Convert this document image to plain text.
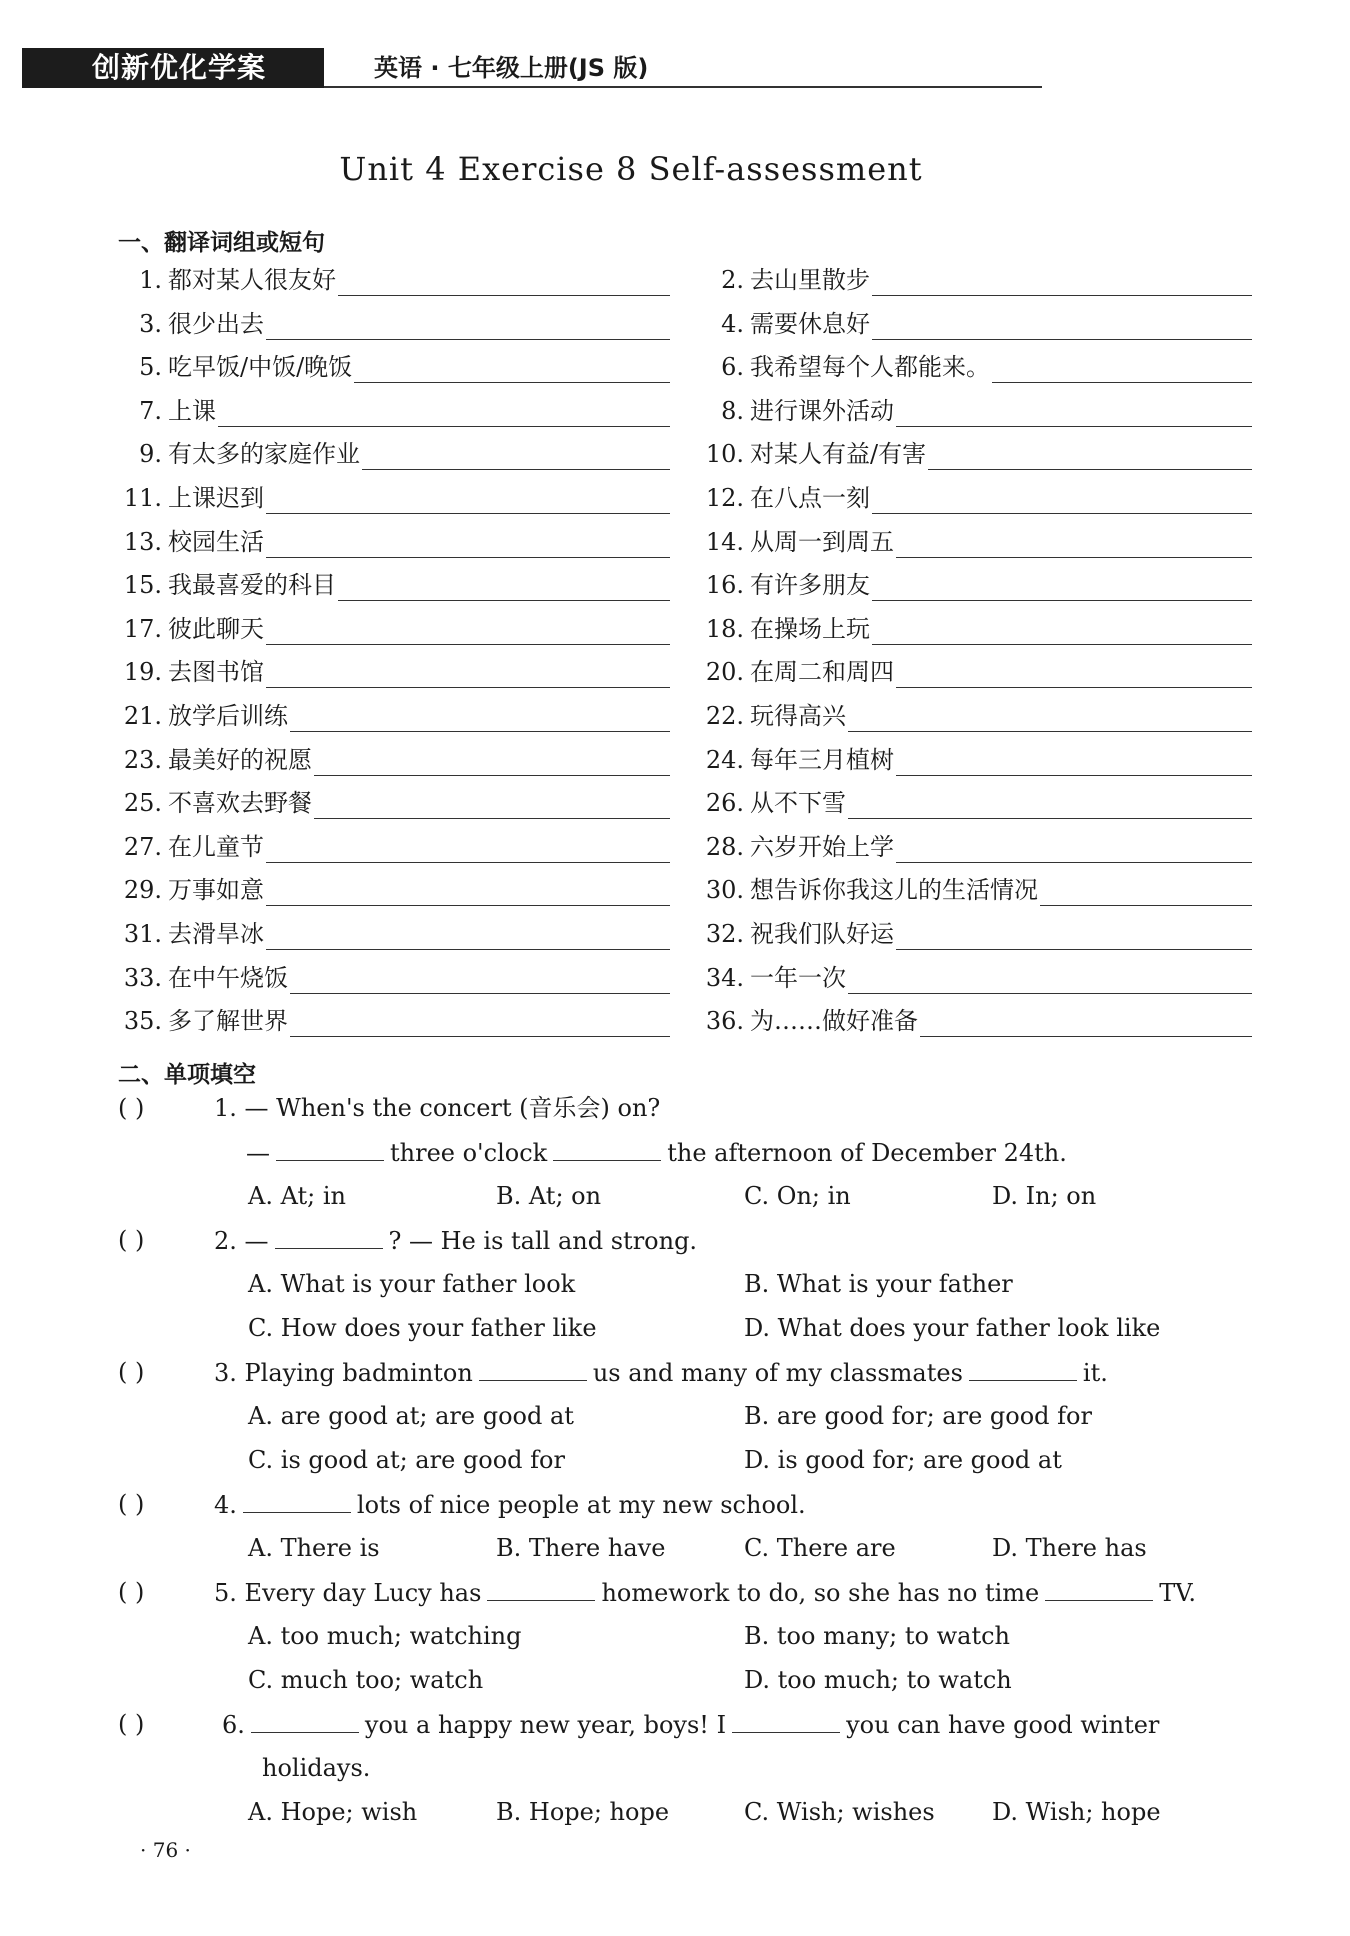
创新优化学案	英语 · 七年级上册(JS 版)
Unit 4 Exercise 8 Self-assessment
一、翻译词组或短句
1. 都对某人很友好	2. 去山里散步
3. 很少出去	4. 需要休息好
5. 吃早饭/中饭/晚饭	6. 我希望每个人都能来。
7. 上课	8. 进行课外活动
9. 有太多的家庭作业	10. 对某人有益/有害
11. 上课迟到	12. 在八点一刻
13. 校园生活	14. 从周一到周五
15. 我最喜爱的科目	16. 有许多朋友
17. 彼此聊天	18. 在操场上玩
19. 去图书馆	20. 在周二和周四
21. 放学后训练	22. 玩得高兴
23. 最美好的祝愿	24. 每年三月植树
25. 不喜欢去野餐	26. 从不下雪
27. 在儿童节	28. 六岁开始上学
29. 万事如意	30. 想告诉你我这儿的生活情况
31. 去滑旱冰	32. 祝我们队好运
33. 在中午烧饭	34. 一年一次
35. 多了解世界	36. 为……做好准备
二、单项填空
( )	1. — When's the concert (音乐会) on?
—	three o'clock	the afternoon of December 24th.
A. At; in	B. At; on	C. On; in	D. In; on
( )	2. —	? — He is tall and strong.
A. What is your father look	B. What is your father
C. How does your father like	D. What does your father look like
( )	3. Playing badminton	us and many of my classmates	it.
A. are good at; are good at	B. are good for; are good for
C. is good at; are good for	D. is good for; are good at
( )	4.	lots of nice people at my new school.
A. There is	B. There have	C. There are	D. There has
( )	5. Every day Lucy has	homework to do, so she has no time	TV.
A. too much; watching	B. too many; to watch
C. much too; watch	D. too much; to watch
( )	6.	you a happy new year, boys! I	you can have good winter
holidays.
A. Hope; wish	B. Hope; hope	C. Wish; wishes D. Wish; hope
· 76 ·
